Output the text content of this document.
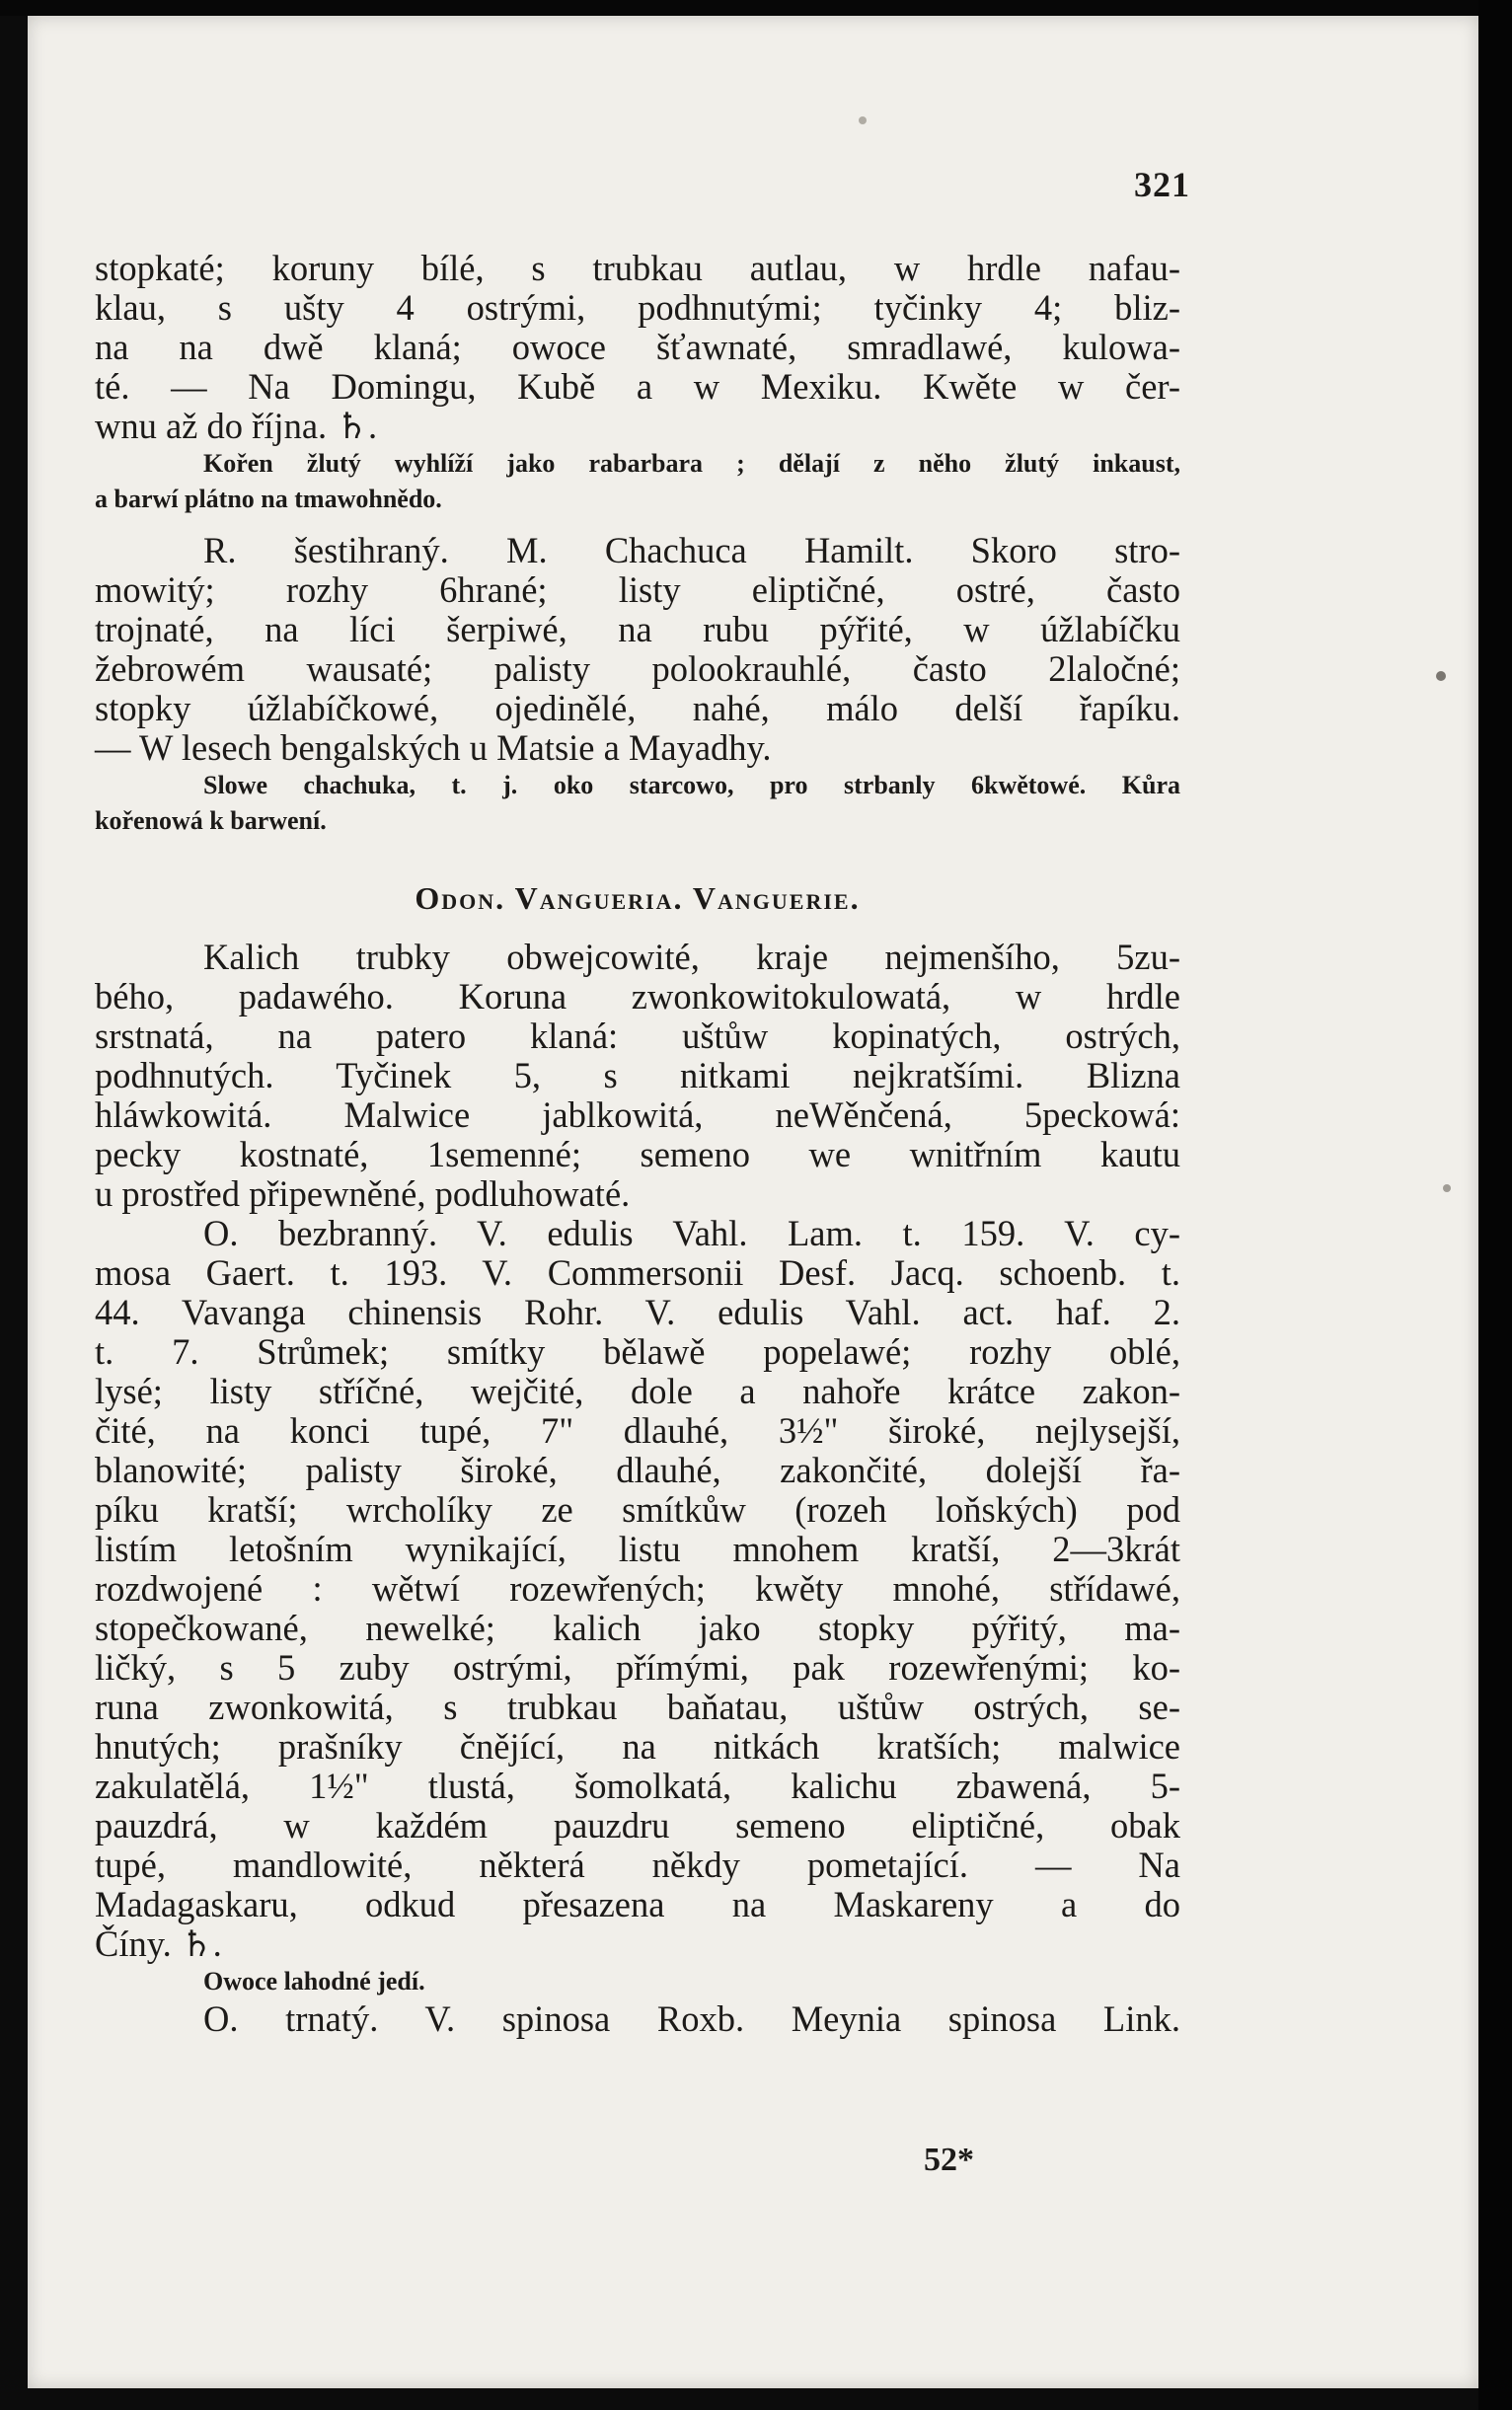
321
stopkaté; koruny bílé, s trubkau autlau, w hrdle nafau-
klau, s ušty 4 ostrými, podhnutými; tyčinky 4; bliz-
na na dwě klaná; owoce šťawnaté, smradlawé, kulowa-
té. — Na Domingu, Kubě a w Mexiku. Kwěte w čer-
wnu až do října. ♄.
Kořen žlutý wyhlíží jako rabarbara ; dělají z něho žlutý inkaust,
a barwí plátno na tmawohnědo.
R. šestihraný. M. Chachuca Hamilt. Skoro stro-
mowitý; rozhy 6hrané; listy eliptičné, ostré, často
trojnaté, na líci šerpiwé, na rubu pýřité, w úžlabíčku
žebrowém wausaté; palisty polookrauhlé, často 2laločné;
stopky úžlabíčkowé, ojedinělé, nahé, málo delší řapíku.
— W lesech bengalských u Matsie a Mayadhy.
Slowe chachuka, t. j. oko starcowo, pro strbanly 6kwětowé. Kůra
kořenowá k barwení.
Odon. Vangueria. Vanguerie.
Kalich trubky obwejcowité, kraje nejmenšího, 5zu-
bého, padawého. Koruna zwonkowitokulowatá, w hrdle
srstnatá, na patero klaná: uštůw kopinatých, ostrých,
podhnutých. Tyčinek 5, s nitkami nejkratšími. Blizna
hláwkowitá. Malwice jablkowitá, neWěnčená, 5peckowá:
pecky kostnaté, 1semenné; semeno we wnitřním kautu
u prostřed připewněné, podluhowaté.
O. bezbranný. V. edulis Vahl. Lam. t. 159. V. cy-
mosa Gaert. t. 193. V. Commersonii Desf. Jacq. schoenb. t.
44. Vavanga chinensis Rohr. V. edulis Vahl. act. haf. 2.
t. 7. Strůmek; smítky bělawě popelawé; rozhy oblé,
lysé; listy stříčné, wejčité, dole a nahoře krátce zakon-
čité, na konci tupé, 7" dlauhé, 3½" široké, nejlysejší,
blanowité; palisty široké, dlauhé, zakončité, dolejší řa-
píku kratší; wrcholíky ze smítkůw (rozeh loňských) pod
listím letošním wynikající, listu mnohem kratší, 2—3krát
rozdwojené : wětwí rozewřených; kwěty mnohé, střídawé,
stopečkowané, newelké; kalich jako stopky pýřitý, ma-
ličký, s 5 zuby ostrými, přímými, pak rozewřenými; ko-
runa zwonkowitá, s trubkau baňatau, uštůw ostrých, se-
hnutých; prašníky čnějící, na nitkách kratších; malwice
zakulatělá, 1½" tlustá, šomolkatá, kalichu zbawená, 5-
pauzdrá, w každém pauzdru semeno eliptičné, obak
tupé, mandlowité, některá někdy pometající. — Na
Madagaskaru, odkud přesazena na Maskareny a do
Číny. ♄.
Owoce lahodné jedí.
O. trnatý. V. spinosa Roxb. Meynia spinosa Link.
52*
